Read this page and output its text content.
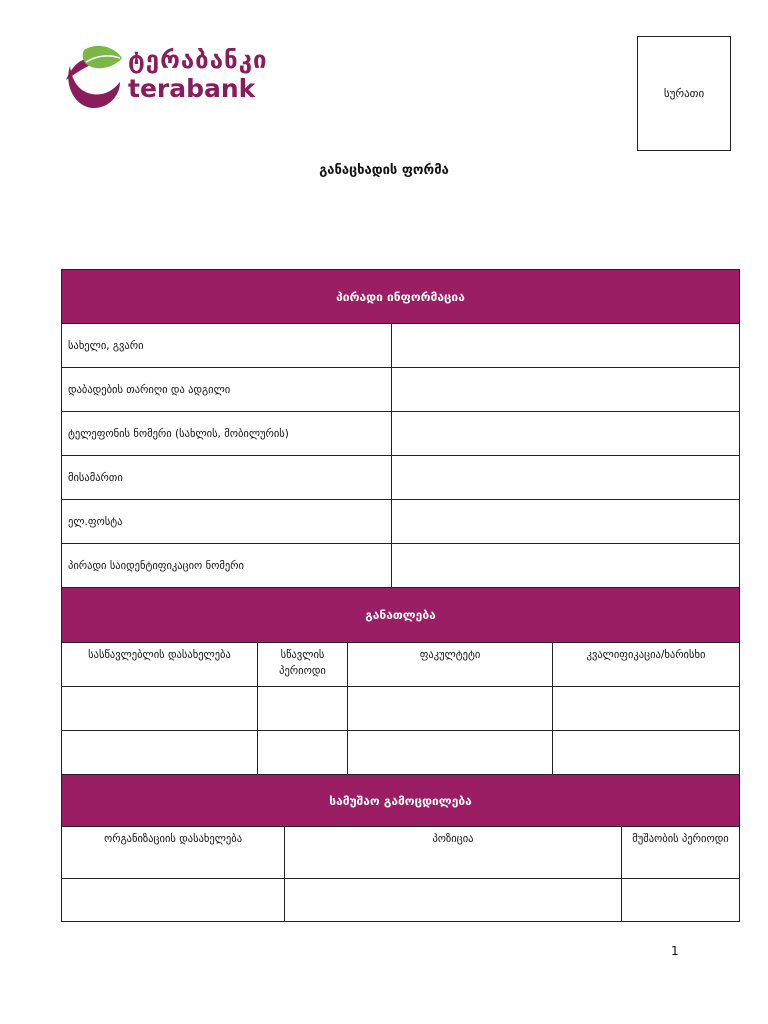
ტერაბანკი
terabank	სურათი
განაცხადის ფორმა
პირადი ინფორმაცია	
სახელი, გვარი	
დაბადების თარიღი და ადგილი	
ტელეფონის ნომერი (სახლის, მობილურის)	
მისამართი	
ელ.ფოსტა	
პირადი საიდენტიფიკაციო ნომერი	
განათლება			
სასწავლებლის დასახელება	სწავლის პერიოდი	ფაკულტეტი	კვალიფიკაცია/ხარისხი

სამუშაო გამოცდილება		
ორგანიზაციის დასახელება	პოზიცია	მუშაობის პერიოდი

1
